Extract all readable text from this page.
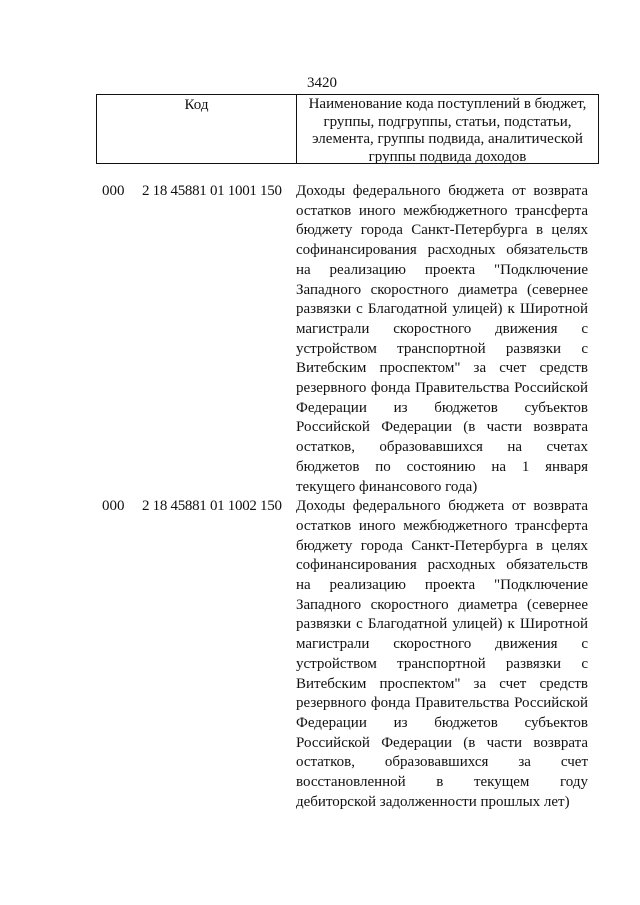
3420
Код	Наименование кода поступлений в бюджет, группы, подгруппы, статьи, подстатьи, элемента, группы подвида, аналитической группы подвида доходов
000	2 18 45881 01 1001 150 Доходы федерального бюджета от возврата остатков иного межбюджетного трансферта бюджету города Санкт-Петербурга в целях софинансирования расходных обязательств на реализацию проекта "Подключение Западного скоростного диаметра (севернее развязки с Благодатной улицей) к Широтной магистрали скоростного движения с устройством транспортной развязки с Витебским проспектом" за счет средств резервного фонда Правительства Российской Федерации из бюджетов субъектов Российской Федерации (в части возврата остатков, образовавшихся на счетах бюджетов по состоянию на 1 января текущего финансового года)
000	2 18 45881 01 1002 150 Доходы федерального бюджета от возврата остатков иного межбюджетного трансферта бюджету города Санкт-Петербурга в целях софинансирования расходных обязательств на реализацию проекта "Подключение Западного скоростного диаметра (севернее развязки с Благодатной улицей) к Широтной магистрали скоростного движения с устройством транспортной развязки с Витебским проспектом" за счет средств резервного фонда Правительства Российской Федерации из бюджетов субъектов Российской Федерации (в части возврата остатков, образовавшихся за счет восстановленной в текущем году дебиторской задолженности прошлых лет)
